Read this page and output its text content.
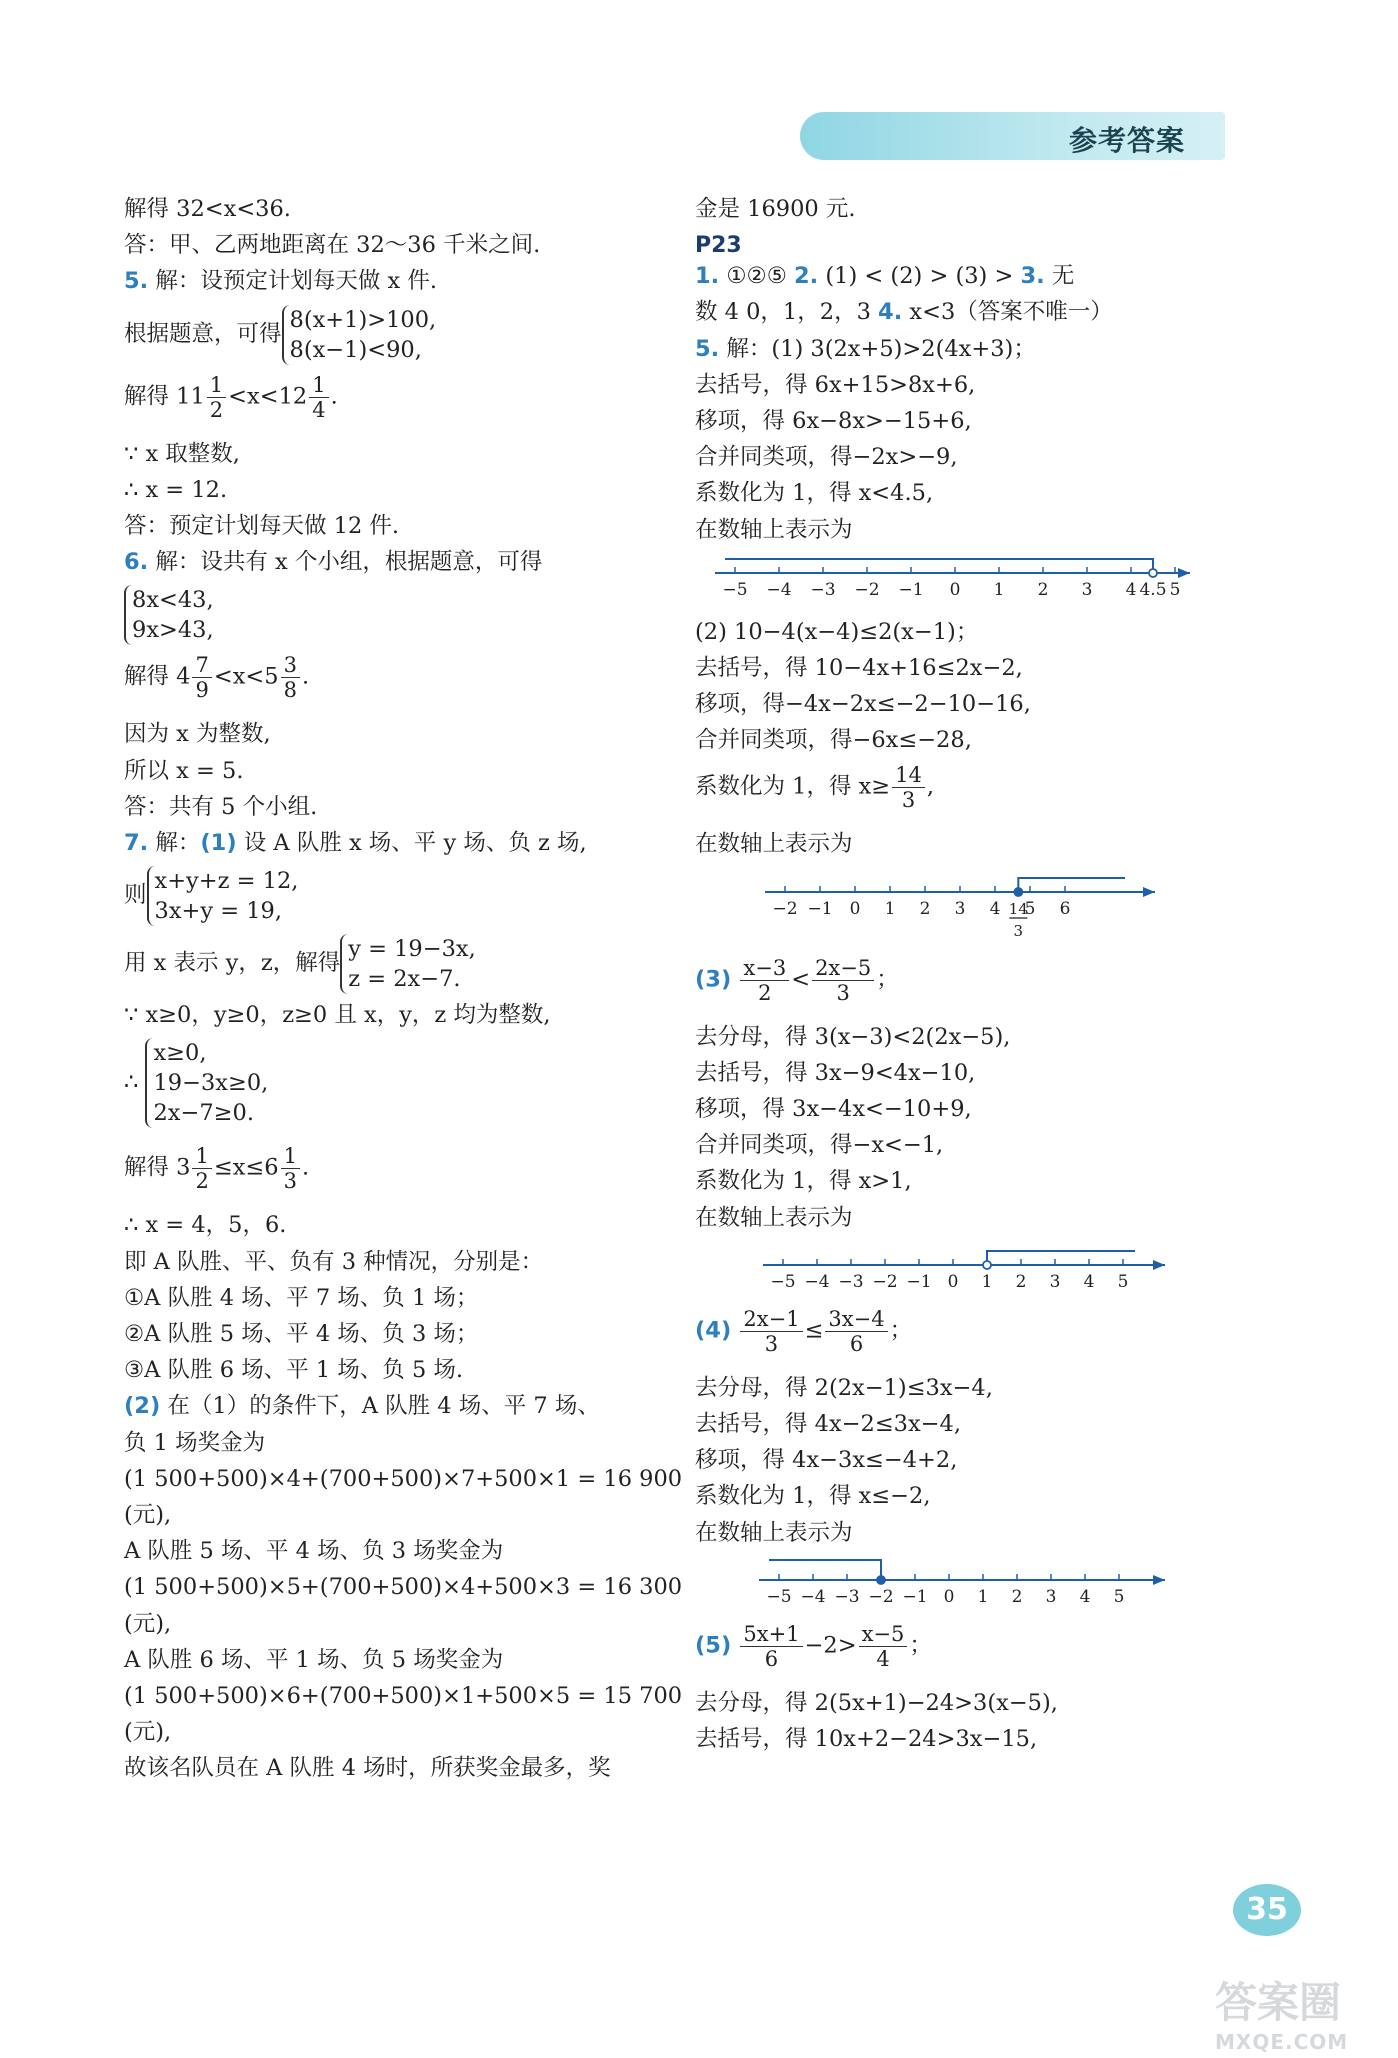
参考答案
解得 32<x<36.
答：甲、乙两地距离在 32～36 千米之间.
5. 解：设预定计划每天做 x 件.
根据题意，可得
8(x+1)>100,
8(x−1)<90,
解得 $11 \frac{1}{2} <x<12 \frac{1}{4}$ .
∵ x 取整数,
∴ x = 12.
答：预定计划每天做 12 件.
6. 解：设共有 x 个小组，根据题意，可得
8x<43,
9x>43,
解得 $4 \frac{7}{9} <x<5 \frac{3}{8}$ .
因为 x 为整数,
所以 x = 5.
答：共有 5 个小组.
7. 解：(1) 设 A 队胜 x 场、平 y 场、负 z 场,
则
x+y+z = 12,
3x+y = 19,
用 x 表示 y，z，解得
y = 19−3x,
z = 2x−7.
∵ x≥0，y≥0，z≥0 且 x，y，z 均为整数,
∴
x≥0,
19−3x≥0,
2x−7≥0.
解得 $3 \frac{1}{2} \le x\le 6 \frac{1}{3}$ .
∴ x = 4，5，6.
即 A 队胜、平、负有 3 种情况，分别是：
①A 队胜 4 场、平 7 场、负 1 场；
②A 队胜 5 场、平 4 场、负 3 场；
③A 队胜 6 场、平 1 场、负 5 场.
(2) 在（1）的条件下，A 队胜 4 场、平 7 场、
负 1 场奖金为
(1 500+500)×4+(700+500)×7+500×1 = 16 900
(元),
A 队胜 5 场、平 4 场、负 3 场奖金为
(1 500+500)×5+(700+500)×4+500×3 = 16 300
(元),
A 队胜 6 场、平 1 场、负 5 场奖金为
(1 500+500)×6+(700+500)×1+500×5 = 15 700
(元),
故该名队员在 A 队胜 4 场时，所获奖金最多，奖
金是 16900 元.
P23
1. ①②⑤ 2. (1) < (2) > (3) > 3. 无
数 4 0，1，2，3 4. x<3（答案不唯一）
5. 解：(1) 3(2x+5)>2(4x+3)；
去括号，得 6x+15>8x+6,
移项，得 6x−8x>−15+6,
合并同类项，得−2x>−9,
系数化为 1，得 x<4.5,
在数轴上表示为
−5 −4 −3 −2 −1 0 1 2 3 4 4.5 5
(2) 10−4(x−4)≤2(x−1)；
去括号，得 10−4x+16≤2x−2,
移项，得−4x−2x≤−2−10−16,
合并同类项，得−6x≤−28,
系数化为 1，得 $x\ge \frac{14}{3}$ ,
在数轴上表示为
−2 −1 0 1 2 3 4 5 6
14
3
$(3) \frac{x-3}{2} < \frac{2x-5}{3}$ ；
去分母，得 3(x−3)<2(2x−5),
去括号，得 3x−9<4x−10,
移项，得 3x−4x<−10+9,
合并同类项，得−x<−1,
系数化为 1，得 x>1,
在数轴上表示为
−5 −4 −3 −2 −1 0 1 2 3 4 5
$(4) \frac{2x-1}{3} \le \frac{3x-4}{6}$ ；
去分母，得 2(2x−1)≤3x−4,
去括号，得 4x−2≤3x−4,
移项，得 4x−3x≤−4+2,
系数化为 1，得 x≤−2,
在数轴上表示为
−5 −4 −3 −2 −1 0 1 2 3 4 5
$(5) \frac{5x+1}{6} -2> \frac{x-5}{4}$ ；
去分母，得 2(5x+1)−24>3(x−5),
去括号，得 10x+2−24>3x−15,
35
答案圈
MXQE.COM
